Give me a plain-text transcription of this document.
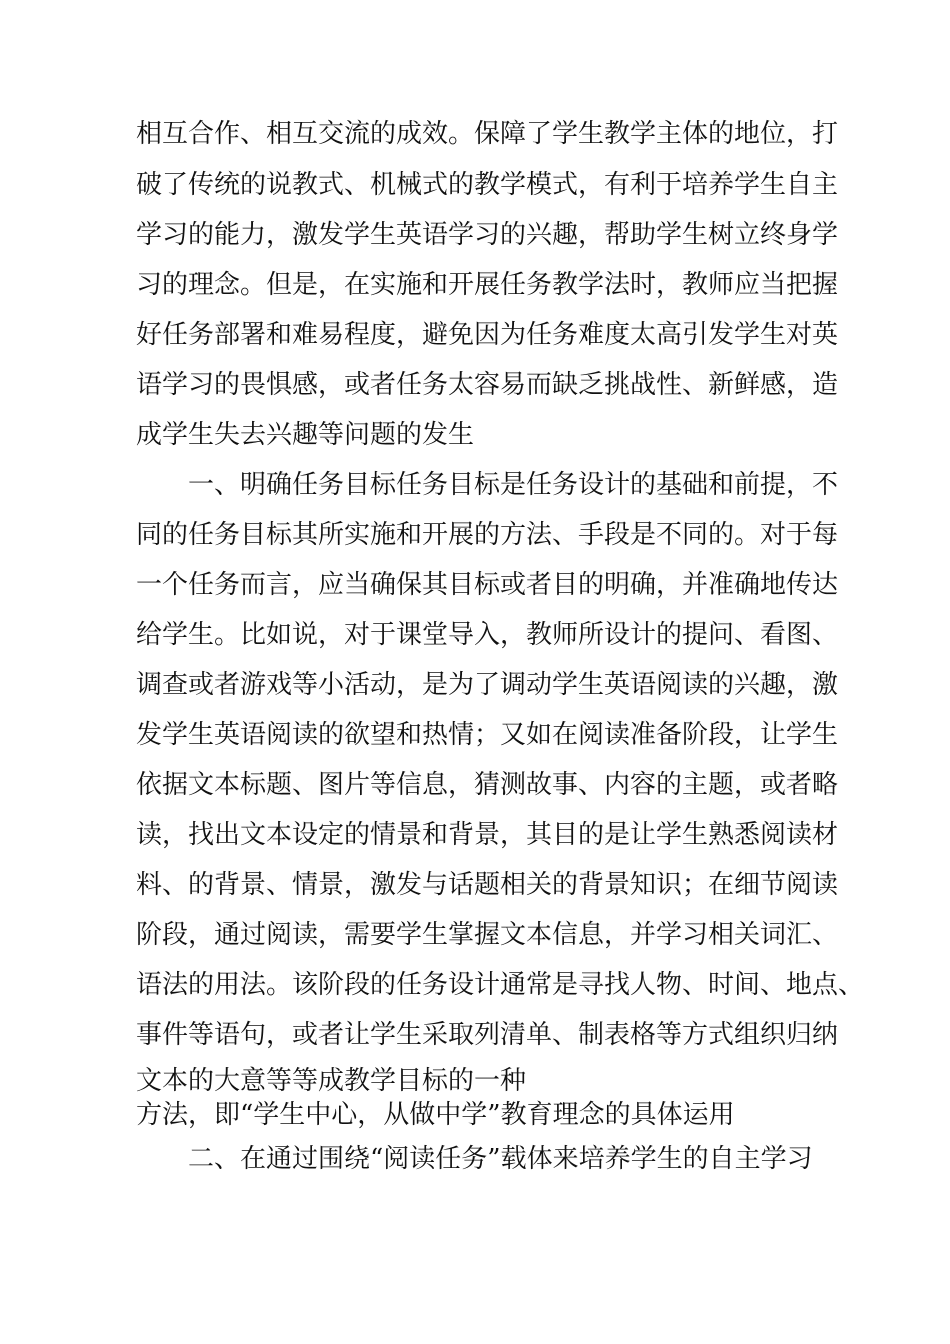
相互合作、相互交流的成效。保障了学生教学主体的地位，打
破了传统的说教式、机械式的教学模式，有利于培养学生自主
学习的能力，激发学生英语学习的兴趣，帮助学生树立终身学
习的理念。但是，在实施和开展任务教学法时，教师应当把握
好任务部署和难易程度，避免因为任务难度太高引发学生对英
语学习的畏惧感，或者任务太容易而缺乏挑战性、新鲜感，造
成学生失去兴趣等问题的发生
一、明确任务目标任务目标是任务设计的基础和前提，不
同的任务目标其所实施和开展的方法、手段是不同的。对于每
一个任务而言，应当确保其目标或者目的明确，并准确地传达
给学生。比如说，对于课堂导入，教师所设计的提问、看图、
调查或者游戏等小活动，是为了调动学生英语阅读的兴趣，激
发学生英语阅读的欲望和热情；又如在阅读准备阶段，让学生
依据文本标题、图片等信息，猜测故事、内容的主题，或者略
读，找出文本设定的情景和背景，其目的是让学生熟悉阅读材
料、的背景、情景，激发与话题相关的背景知识；在细节阅读
阶段，通过阅读，需要学生掌握文本信息，并学习相关词汇、
语法的用法。该阶段的任务设计通常是寻找人物、时间、地点、
事件等语句，或者让学生采取列清单、制表格等方式组织归纳
文本的大意等等成教学目标的一种
方法，即“学生中心，从做中学”教育理念的具体运用
二、在通过围绕“阅读任务”载体来培养学生的自主学习
